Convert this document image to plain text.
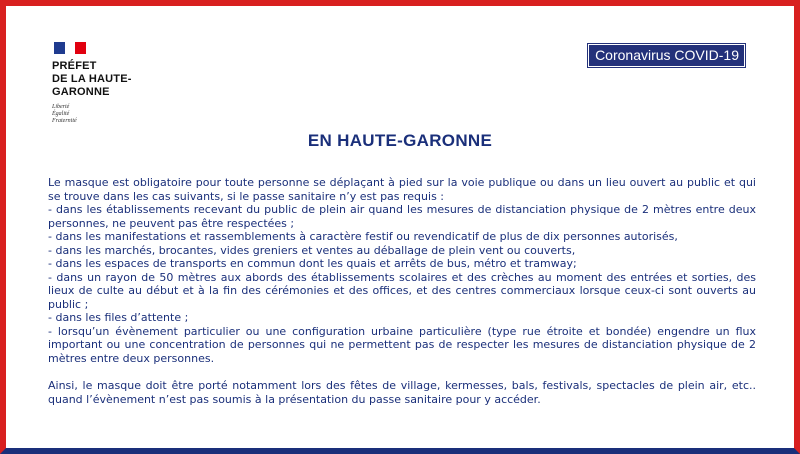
PRÉFET
DE LA HAUTE-
GARONNE
Liberté
Égalité
Fraternité
Coronavirus COVID-19
EN HAUTE-GARONNE

Le masque est obligatoire pour toute personne se déplaçant à pied sur la voie publique ou dans un lieu ouvert au public et qui se trouve dans les cas suivants, si le passe sanitaire n’y est pas requis :

- dans les établissements recevant du public de plein air quand les mesures de distanciation physique de 2 mètres entre deux personnes, ne peuvent pas être respectées ;

- dans les manifestations et rassemblements à caractère festif ou revendicatif de plus de dix personnes autorisés,

- dans les marchés, brocantes, vides greniers et ventes au déballage de plein vent ou couverts,

- dans les espaces de transports en commun dont les quais et arrêts de bus, métro et tramway;

- dans un rayon de 50 mètres aux abords des établissements scolaires et des crèches au moment des entrées et sorties, des lieux de culte au début et à la fin des cérémonies et des offices, et des centres commerciaux lorsque ceux-ci sont ouverts au public ;

- dans les files d’attente ;

- lorsqu’un évènement particulier ou une configuration urbaine particulière (type rue étroite et bondée) engendre un flux important ou une concentration de personnes qui ne permettent pas de respecter les mesures de distanciation physique de 2 mètres entre deux personnes.

Ainsi, le masque doit être porté notamment lors des fêtes de village, kermesses, bals, festivals, spectacles de plein air, etc.. quand l’évènement n’est pas soumis à la présentation du passe sanitaire pour y accéder.
